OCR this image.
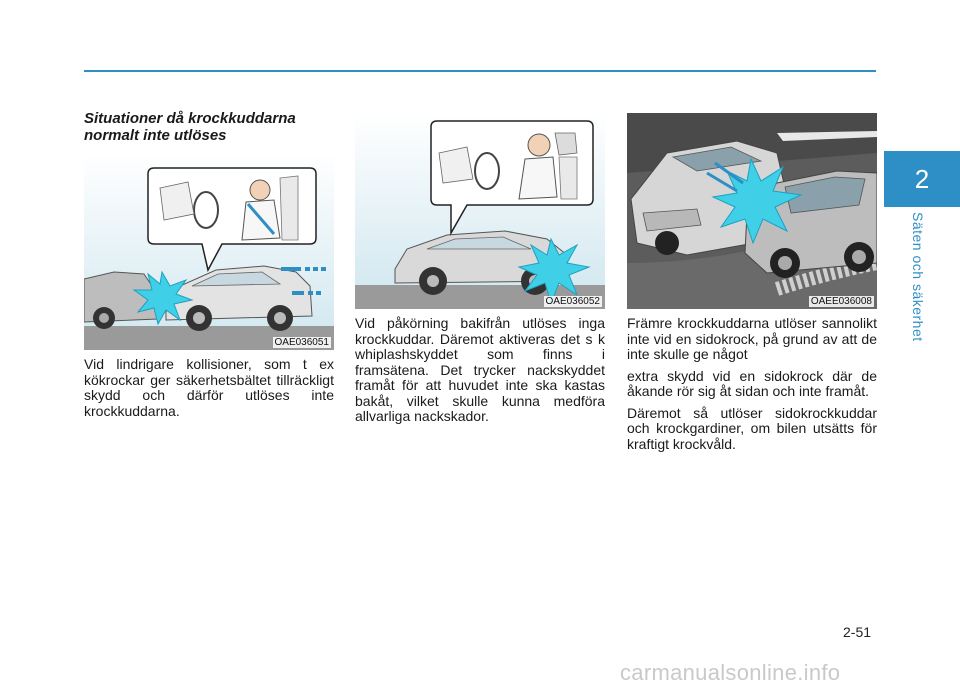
2
Säten och säkerhet
Situationer då krockkuddarna normalt inte utlöses
OAE036051

Vid lindrigare kollisioner, som t ex kökrockar ger säkerhetsbältet tillräckligt skydd och därför utlöses inte krockkuddarna.

OAE036052

Vid påkörning bakifrån utlöses inga krockkuddar. Däremot aktiveras det s k whiplashskyddet som finns i framsätena. Det trycker nackskyddet framåt för att huvudet inte ska kastas bakåt, vilket skulle kunna medföra allvarliga nackskador.

OAEE036008

Främre krockkuddarna utlöser sannolikt inte vid en sidokrock, på grund av att de inte skulle ge något

extra skydd vid en sidokrock där de åkande rör sig åt sidan och inte framåt.

Däremot så utlöser sidokrockkuddar och krockgardiner, om bilen utsätts för kraftigt krockvåld.

2-51
carmanualsonline.info
